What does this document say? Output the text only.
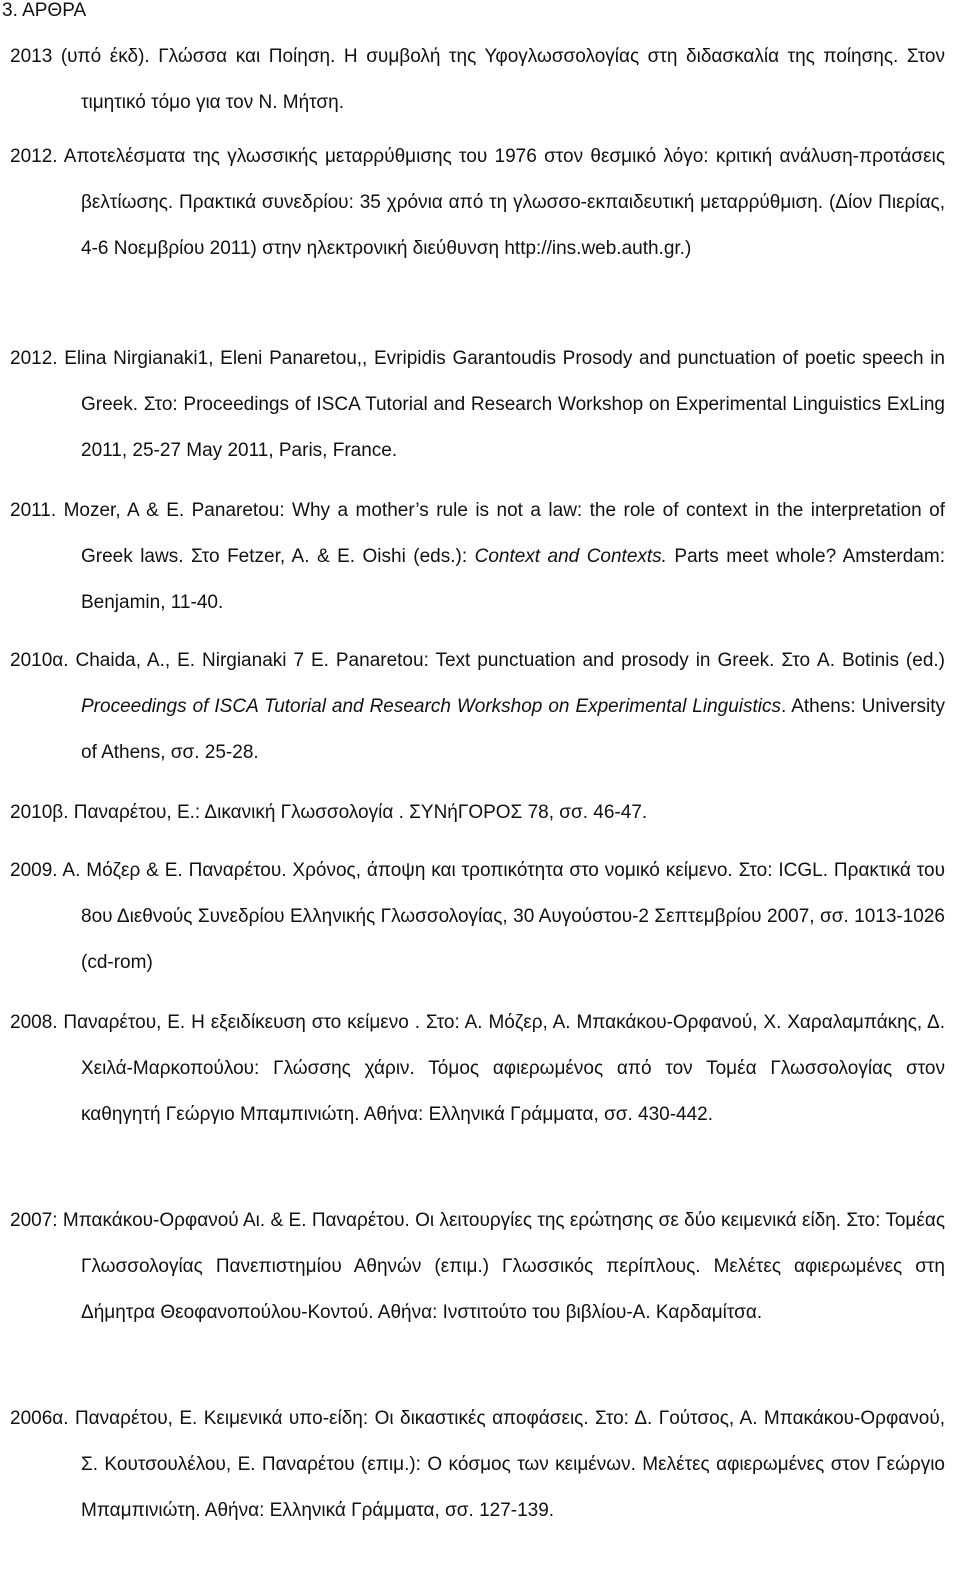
3. ΑΡΘΡΑ
2013 (υπό έκδ). Γλώσσα και Ποίηση. Η συμβολή της Υφογλωσσολογίας στη διδασκαλία της ποίησης. Στον τιμητικό τόμο για τον Ν. Μήτση.
2012. Αποτελέσματα της γλωσσικής μεταρρύθμισης του 1976 στον θεσμικό λόγο: κριτική ανάλυση-προτάσεις βελτίωσης. Πρακτικά συνεδρίου: 35 χρόνια από τη γλωσσο-εκπαιδευτική μεταρρύθμιση. (Δίον Πιερίας, 4-6 Νοεμβρίου 2011) στην ηλεκτρονική διεύθυνση http://ins.web.auth.gr.)
2012. Elina Nirgianaki1, Eleni Panaretou,, Evripidis Garantoudis Prosody and punctuation of poetic speech in Greek. Στο: Proceedings of ISCA Tutorial and Research Workshop on Experimental Linguistics ExLing 2011, 25-27 May 2011, Paris, France.
2011. Mozer, A & E. Panaretou: Why a mother’s rule is not a law: the role of context in the interpretation of Greek laws. Στο Fetzer, A. & E. Oishi (eds.): Context and Contexts. Parts meet whole? Amsterdam: Benjamin, 11-40.
2010α. Chaida, A., E. Nirgianaki 7 E. Panaretou: Text punctuation and prosody in Greek. Στο A. Botinis (ed.) Proceedings of ISCA Tutorial and Research Workshop on Experimental Linguistics. Athens: University of Athens, σσ. 25-28.
2010β. Παναρέτου, Ε.: Δικανική Γλωσσολογία . ΣΥΝήΓΟΡΟΣ 78, σσ. 46-47.
2009. Α. Μόζερ & Ε. Παναρέτου. Χρόνος, άποψη και τροπικότητα στο νομικό κείμενο. Στο: ICGL. Πρακτικά του 8ου Διεθνούς Συνεδρίου Ελληνικής Γλωσσολογίας, 30 Αυγούστου-2 Σεπτεμβρίου 2007, σσ. 1013-1026 (cd-rom)
2008. Παναρέτου, Ε. Η εξειδίκευση στο κείμενο . Στο: Α. Μόζερ, Α. Μπακάκου-Ορφανού, Χ. Χαραλαμπάκης, Δ. Χειλά-Μαρκοπούλου: Γλώσσης χάριν. Τόμος αφιερωμένος από τον Τομέα Γλωσσολογίας στον καθηγητή Γεώργιο Μπαμπινιώτη. Αθήνα: Ελληνικά Γράμματα, σσ. 430-442.
2007: Μπακάκου-Ορφανού Αι. & Ε. Παναρέτου. Οι λειτουργίες της ερώτησης σε δύο κειμενικά είδη. Στο: Τομέας Γλωσσολογίας Πανεπιστημίου Αθηνών (επιμ.) Γλωσσικός περίπλους. Μελέτες αφιερωμένες στη Δήμητρα Θεοφανοπούλου-Κοντού. Αθήνα: Ινστιτούτο του βιβλίου-Α. Καρδαμίτσα.
2006α. Παναρέτου, Ε. Κειμενικά υπο-είδη: Οι δικαστικές αποφάσεις. Στο: Δ. Γούτσος, Α. Μπακάκου-Ορφανού, Σ. Κουτσουλέλου, Ε. Παναρέτου (επιμ.): Ο κόσμος των κειμένων. Μελέτες αφιερωμένες στον Γεώργιο Μπαμπινιώτη. Αθήνα: Ελληνικά Γράμματα, σσ. 127-139.
